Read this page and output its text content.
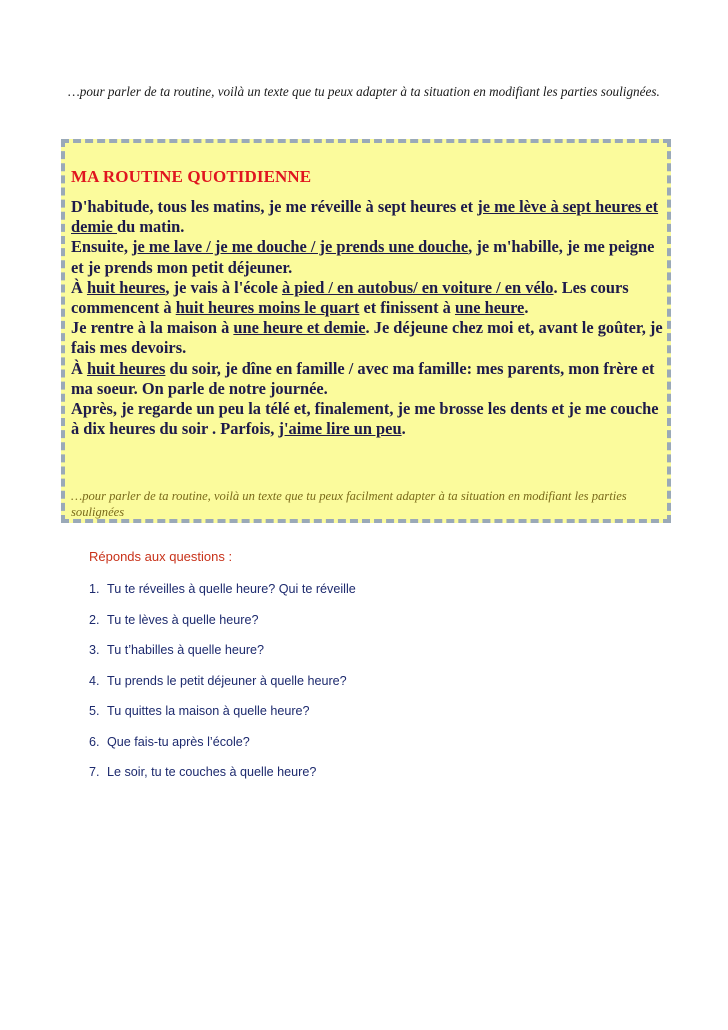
…pour parler de ta routine, voilà un texte que tu peux adapter à ta situation en modifiant les parties soulignées.
MA ROUTINE QUOTIDIENNE

D'habitude, tous les matins, je me réveille à sept heures et je me lève à sept heures et demie du matin.

Ensuite, je me lave / je me douche / je prends une douche, je m'habille, je me peigne et je prends mon petit déjeuner.

À huit heures, je vais à l'école à pied / en autobus/ en voiture / en vélo. Les cours commencent à huit heures moins le quart et finissent à une heure.

Je rentre à la maison à une heure et demie. Je déjeune chez moi et, avant le goûter, je fais mes devoirs.

À huit heures du soir, je dîne en famille / avec ma famille: mes parents, mon frère et ma soeur. On parle de notre journée.

Après, je regarde un peu la télé et, finalement, je me brosse les dents et je me couche à dix heures du soir . Parfois, j'aime lire un peu.

…pour parler de ta routine, voilà un texte que tu peux facilment adapter à ta situation en modifiant les parties soulignées
Réponds aux questions :
1. Tu te réveilles à quelle heure? Qui te réveille
2. Tu te lèves à quelle heure?
3. Tu t’habilles à quelle heure?
4. Tu prends le petit déjeuner à quelle heure?
5. Tu quittes la maison à quelle heure?
6. Que fais-tu après l’école?
7. Le soir, tu te couches à quelle heure?
